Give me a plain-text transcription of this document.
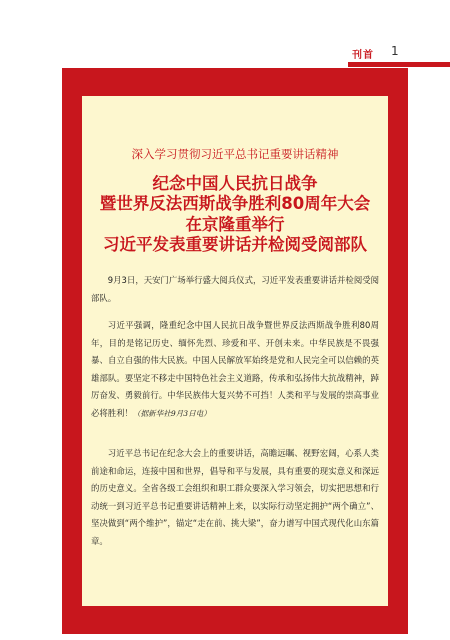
刊首	1
深入学习贯彻习近平总书记重要讲话精神
纪念中国人民抗日战争
暨世界反法西斯战争胜利80周年大会
在京隆重举行
习近平发表重要讲话并检阅受阅部队

9月3日，天安门广场举行盛大阅兵仪式，习近平发表重要讲话并检阅受阅部队。

习近平强调，隆重纪念中国人民抗日战争暨世界反法西斯战争胜利80周年，目的是铭记历史、缅怀先烈、珍爱和平、开创未来。中华民族是不畏强暴、自立自强的伟大民族。中国人民解放军始终是党和人民完全可以信赖的英雄部队。要坚定不移走中国特色社会主义道路，传承和弘扬伟大抗战精神，踔厉奋发、勇毅前行。中华民族伟大复兴势不可挡！人类和平与发展的崇高事业必将胜利！（据新华社9月3日电）

习近平总书记在纪念大会上的重要讲话，高瞻远瞩、视野宏阔，心系人类前途和命运，连接中国和世界，倡导和平与发展，具有重要的现实意义和深远的历史意义。全省各级工会组织和职工群众要深入学习领会，切实把思想和行动统一到习近平总书记重要讲话精神上来，以实际行动坚定拥护“两个确立”、坚决做到“两个维护”，锚定“走在前、挑大梁”，奋力谱写中国式现代化山东篇章。
